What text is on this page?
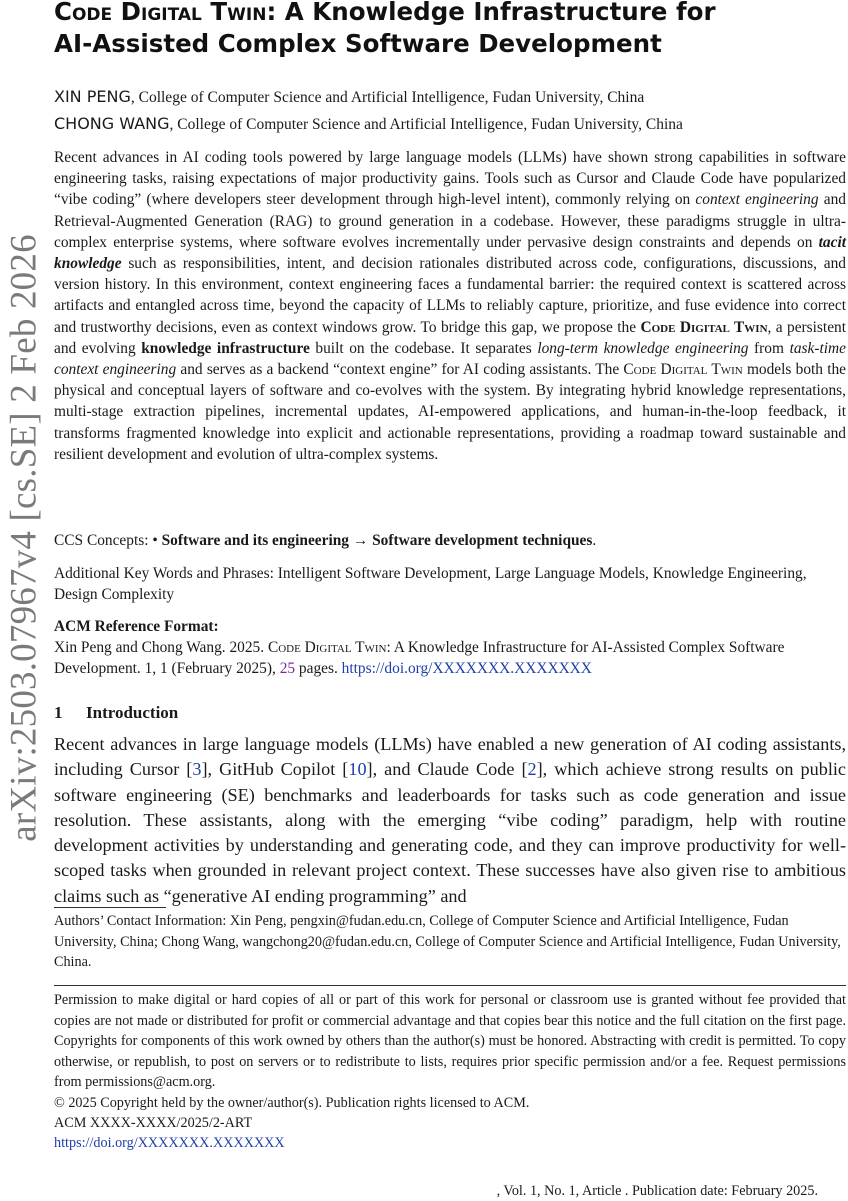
arXiv:2503.07967v4 [cs.SE] 2 Feb 2026
Code Digital Twin: A Knowledge Infrastructure for
AI-Assisted Complex Software Development
XIN PENG, College of Computer Science and Artificial Intelligence, Fudan University, China
CHONG WANG, College of Computer Science and Artificial Intelligence, Fudan University, China

Recent advances in AI coding tools powered by large language models (LLMs) have shown strong capabilities in software engineering tasks, raising expectations of major productivity gains. Tools such as Cursor and Claude Code have popularized “vibe coding” (where developers steer development through high-level intent), commonly relying on context engineering and Retrieval-Augmented Generation (RAG) to ground generation in a codebase. However, these paradigms struggle in ultra-complex enterprise systems, where software evolves incrementally under pervasive design constraints and depends on tacit knowledge such as responsibilities, intent, and decision rationales distributed across code, configurations, discussions, and version history. In this environment, context engineering faces a fundamental barrier: the required context is scattered across artifacts and entangled across time, beyond the capacity of LLMs to reliably capture, prioritize, and fuse evidence into correct and trustworthy decisions, even as context windows grow. To bridge this gap, we propose the Code Digital Twin, a persistent and evolving knowledge infrastructure built on the codebase. It separates long-term knowledge engineering from task-time context engineering and serves as a backend “context engine” for AI coding assistants. The Code Digital Twin models both the physical and conceptual layers of software and co-evolves with the system. By integrating hybrid knowledge representations, multi-stage extraction pipelines, incremental updates, AI-empowered applications, and human-in-the-loop feedback, it transforms fragmented knowledge into explicit and actionable representations, providing a roadmap toward sustainable and resilient development and evolution of ultra-complex systems.

CCS Concepts: • Software and its engineering → Software development techniques.
Additional Key Words and Phrases: Intelligent Software Development, Large Language Models, Knowledge Engineering, Design Complexity
ACM Reference Format:
Xin Peng and Chong Wang. 2025. Code Digital Twin: A Knowledge Infrastructure for AI-Assisted Complex Software Development. 1, 1 (February 2025), 25 pages. https://doi.org/XXXXXXX.XXXXXXX
1 Introduction
Recent advances in large language models (LLMs) have enabled a new generation of AI coding assistants, including Cursor [3], GitHub Copilot [10], and Claude Code [2], which achieve strong results on public software engineering (SE) benchmarks and leaderboards for tasks such as code generation and issue resolution. These assistants, along with the emerging “vibe coding” paradigm, help with routine development activities by understanding and generating code, and they can improve productivity for well-scoped tasks when grounded in relevant project context. These successes have also given rise to ambitious claims such as “generative AI ending programming” and
Authors’ Contact Information: Xin Peng, pengxin@fudan.edu.cn, College of Computer Science and Artificial Intelligence, Fudan University, China; Chong Wang, wangchong20@fudan.edu.cn, College of Computer Science and Artificial Intelligence, Fudan University, China.
Permission to make digital or hard copies of all or part of this work for personal or classroom use is granted without fee provided that copies are not made or distributed for profit or commercial advantage and that copies bear this notice and the full citation on the first page. Copyrights for components of this work owned by others than the author(s) must be honored. Abstracting with credit is permitted. To copy otherwise, or republish, to post on servers or to redistribute to lists, requires prior specific permission and/or a fee. Request permissions from permissions@acm.org.
© 2025 Copyright held by the owner/author(s). Publication rights licensed to ACM.
ACM XXXX-XXXX/2025/2-ART
https://doi.org/XXXXXXX.XXXXXXX
, Vol. 1, No. 1, Article . Publication date: February 2025.
